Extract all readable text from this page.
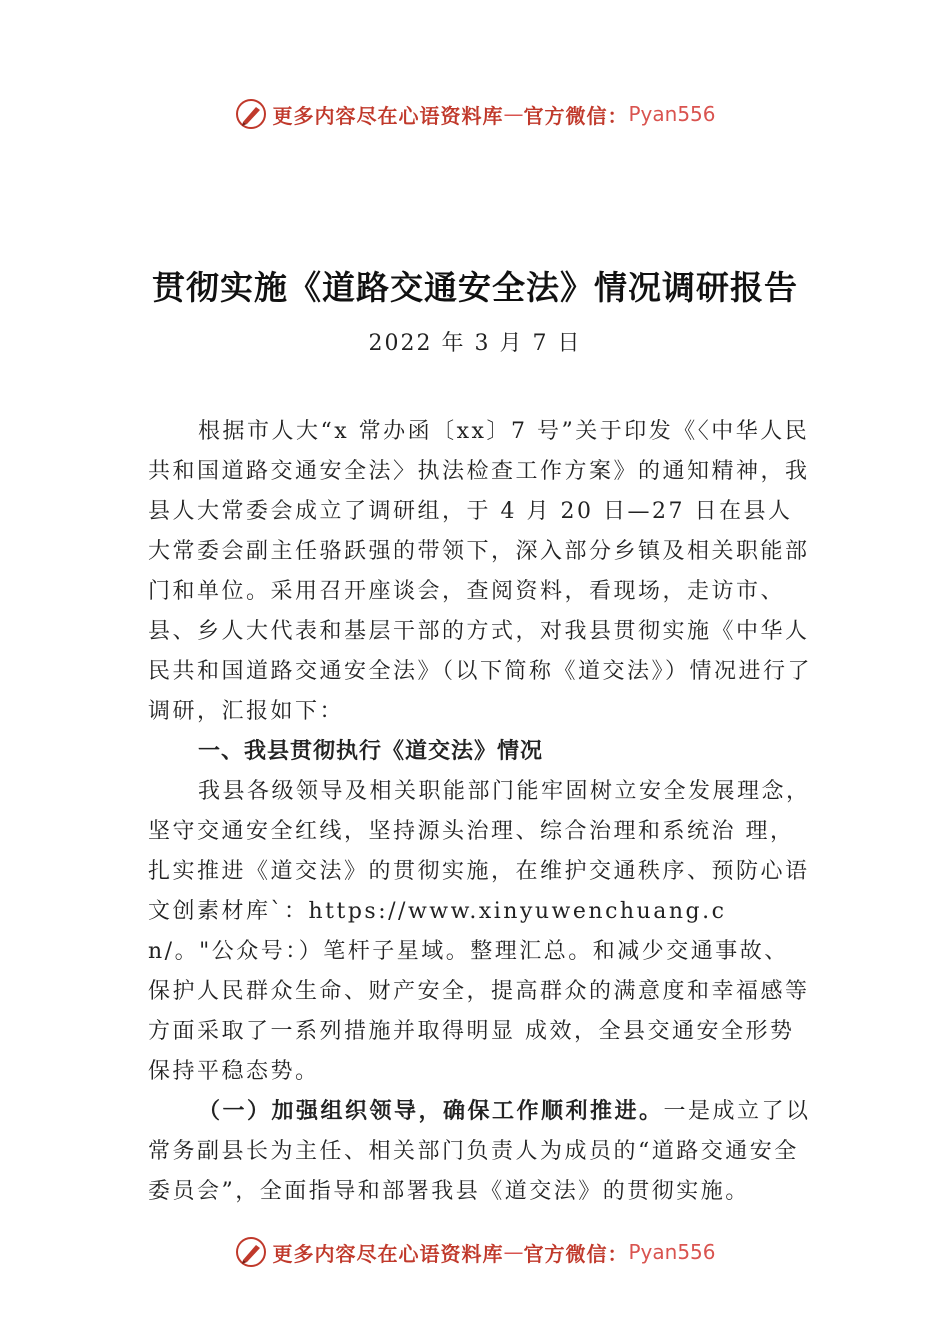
更多内容尽在心语资料库 — 官方微信： Pyan556
贯彻实施《道路交通安全法》情况调研报告
2022 年 3 月 7 日

根据市人大“x 常办函〔xx〕7 号”关于印发《〈中华人民共和国道路交通安全法〉执法检查工作方案》的通知精神，我县人大常委会成立了调研组，于 4 月 20 日—27 日在县人大常委会副主任骆跃强的带领下，深入部分乡镇及相关职能部门和单位。采用召开座谈会，查阅资料，看现场，走访市、县、乡人大代表和基层干部的方式，对我县贯彻实施《中华人民共和国道路交通安全法》（以下简称《道交法》）情况进行了调研，汇报如下：

一、我县贯彻执行《道交法》情况

我县各级领导及相关职能部门能牢固树立安全发展理念，坚守交通安全红线，坚持源头治理、综合治理和系统治 理，扎实推进《道交法》的贯彻实施，在维护交通秩序、预防心语文创素材库`：https://www.xinyuwenchuang.cn/。"公众号：）笔杆子星域。整理汇总。和减少交通事故、保护人民群众生命、财产安全，提高群众的满意度和幸福感等方面采取了一系列措施并取得明显 成效，全县交通安全形势保持平稳态势。

（一）加强组织领导，确保工作顺利推进。一是成立了以常务副县长为主任、相关部门负责人为成员的“道路交通安全委员会”，全面指导和部署我县《道交法》的贯彻实施。

更多内容尽在心语资料库 — 官方微信： Pyan556
